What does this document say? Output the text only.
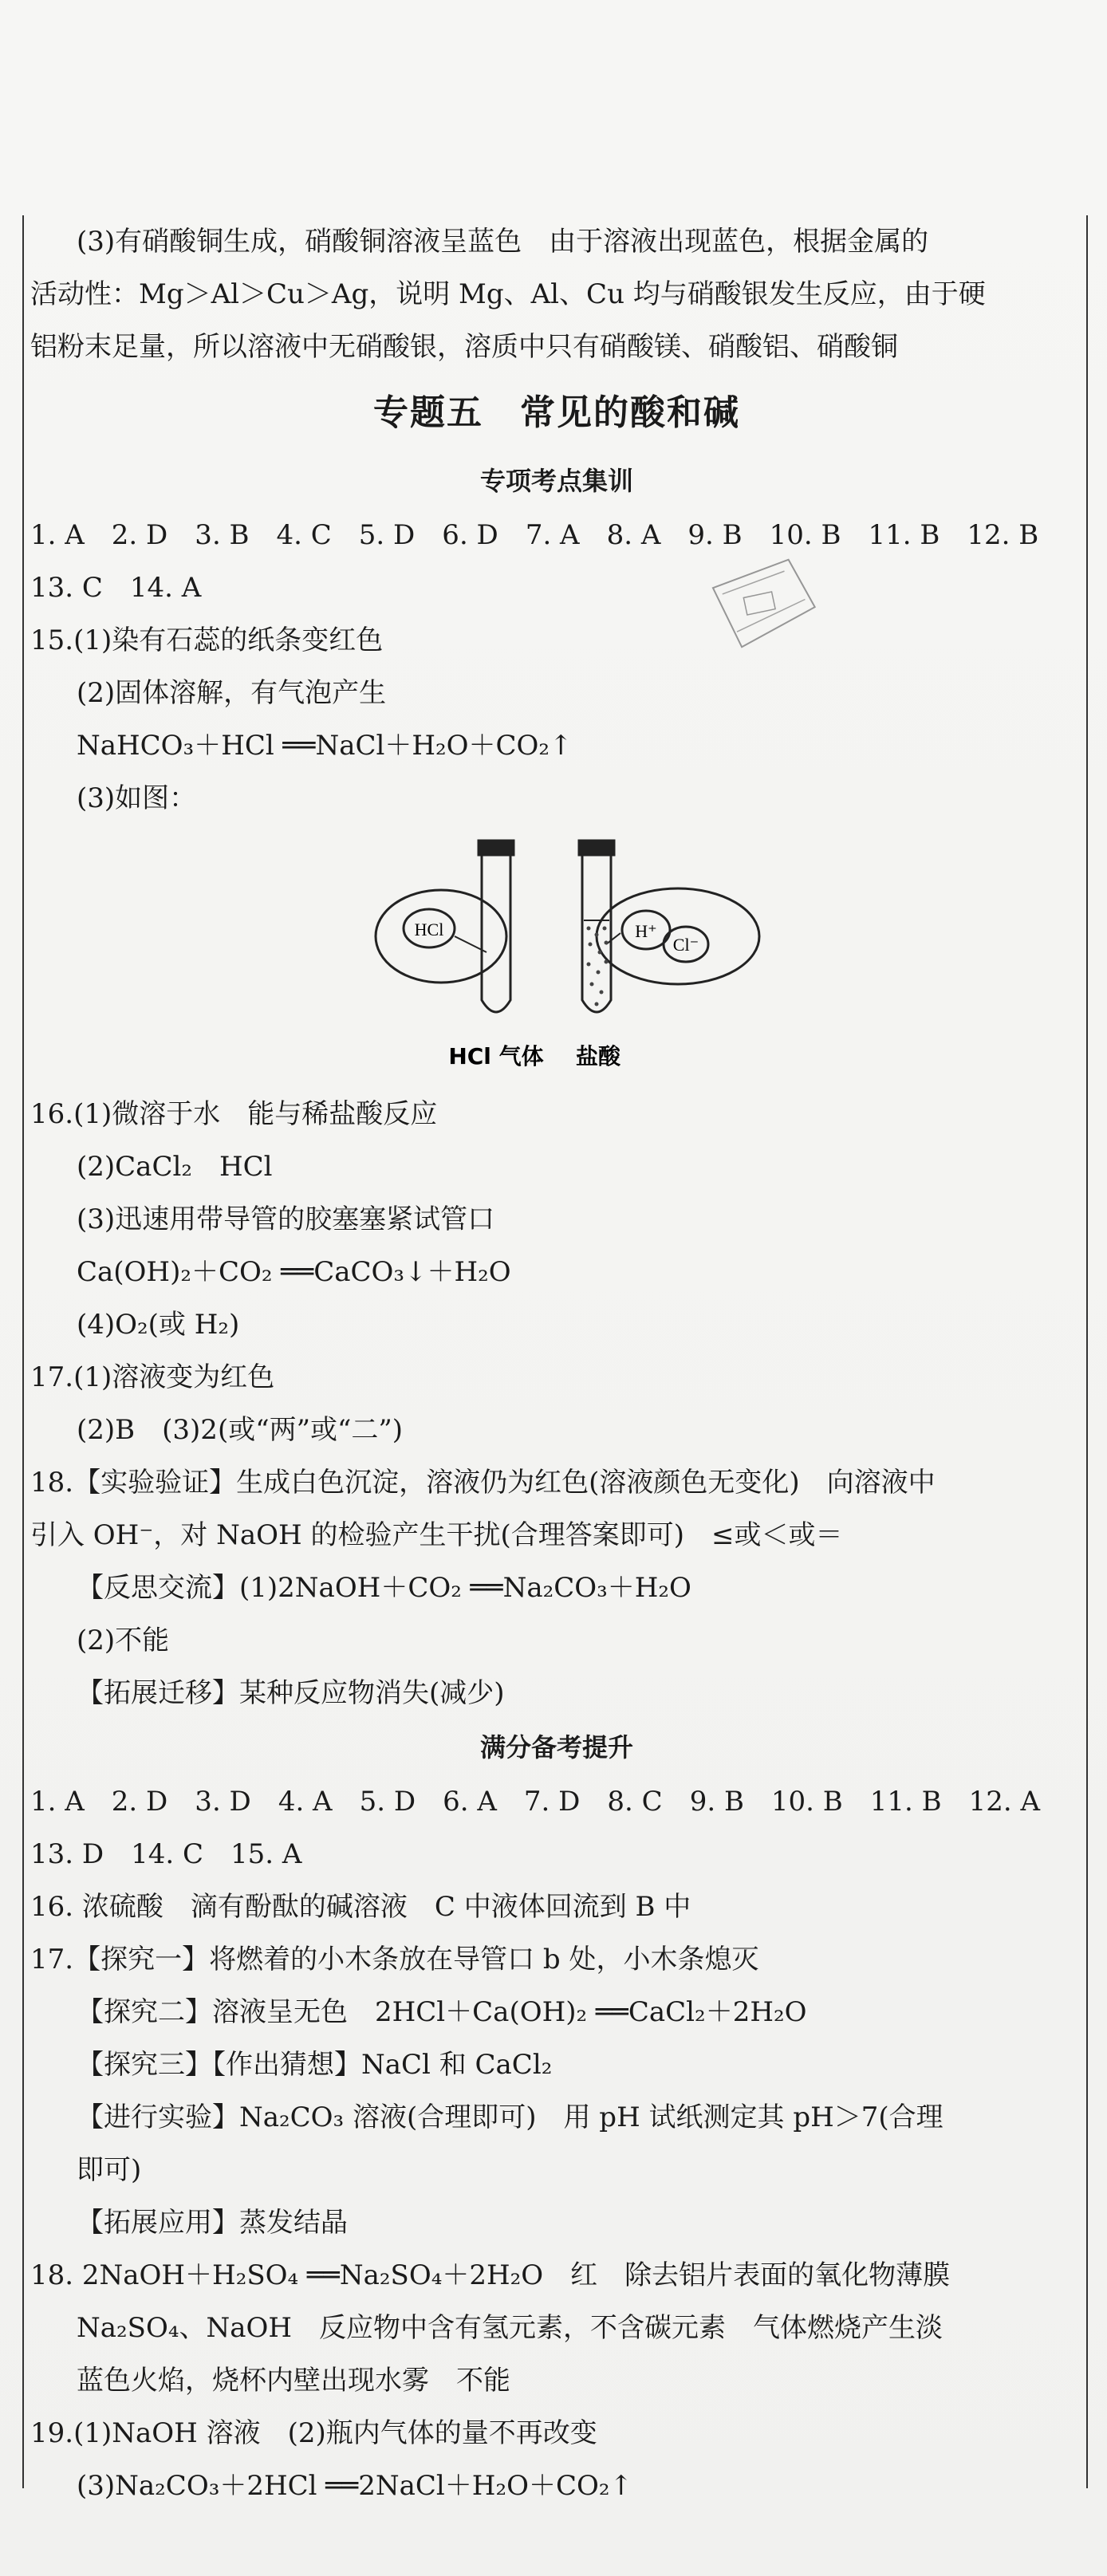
(3)有硝酸铜生成，硝酸铜溶液呈蓝色　由于溶液出现蓝色，根据金属的
活动性：Mg＞Al＞Cu＞Ag，说明 Mg、Al、Cu 均与硝酸银发生反应，由于硬
铝粉末足量，所以溶液中无硝酸银，溶质中只有硝酸镁、硝酸铝、硝酸铜
专题五　常见的酸和碱
专项考点集训
1. A　2. D　3. B　4. C　5. D　6. D　7. A　8. A　9. B　10. B　11. B　12. B
13. C　14. A
15.(1)染有石蕊的纸条变红色
(2)固体溶解，有气泡产生
NaHCO₃＋HCl ══NaCl＋H₂O＋CO₂↑
(3)如图：
HCl	H⁺
Cl⁻
HCl 气体 盐酸
16.(1)微溶于水　能与稀盐酸反应
(2)CaCl₂　HCl
(3)迅速用带导管的胶塞塞紧试管口
Ca(OH)₂＋CO₂ ══CaCO₃↓＋H₂O
(4)O₂(或 H₂)
17.(1)溶液变为红色
(2)B　(3)2(或“两”或“二”)
18.【实验验证】生成白色沉淀，溶液仍为红色(溶液颜色无变化)　向溶液中
引入 OH⁻，对 NaOH 的检验产生干扰(合理答案即可)　≤或＜或＝
【反思交流】(1)2NaOH＋CO₂ ══Na₂CO₃＋H₂O
(2)不能
【拓展迁移】某种反应物消失(减少)
满分备考提升
1. A　2. D　3. D　4. A　5. D　6. A　7. D　8. C　9. B　10. B　11. B　12. A
13. D　14. C　15. A
16. 浓硫酸　滴有酚酞的碱溶液　C 中液体回流到 B 中
17.【探究一】将燃着的小木条放在导管口 b 处，小木条熄灭
【探究二】溶液呈无色　2HCl＋Ca(OH)₂ ══CaCl₂＋2H₂O
【探究三】【作出猜想】NaCl 和 CaCl₂
【进行实验】Na₂CO₃ 溶液(合理即可)　用 pH 试纸测定其 pH＞7(合理
即可)
【拓展应用】蒸发结晶
18. 2NaOH＋H₂SO₄ ══Na₂SO₄＋2H₂O　红　除去铝片表面的氧化物薄膜
Na₂SO₄、NaOH　反应物中含有氢元素，不含碳元素　气体燃烧产生淡
蓝色火焰，烧杯内壁出现水雾　不能
19.(1)NaOH 溶液　(2)瓶内气体的量不再改变
(3)Na₂CO₃＋2HCl ══2NaCl＋H₂O＋CO₂↑
